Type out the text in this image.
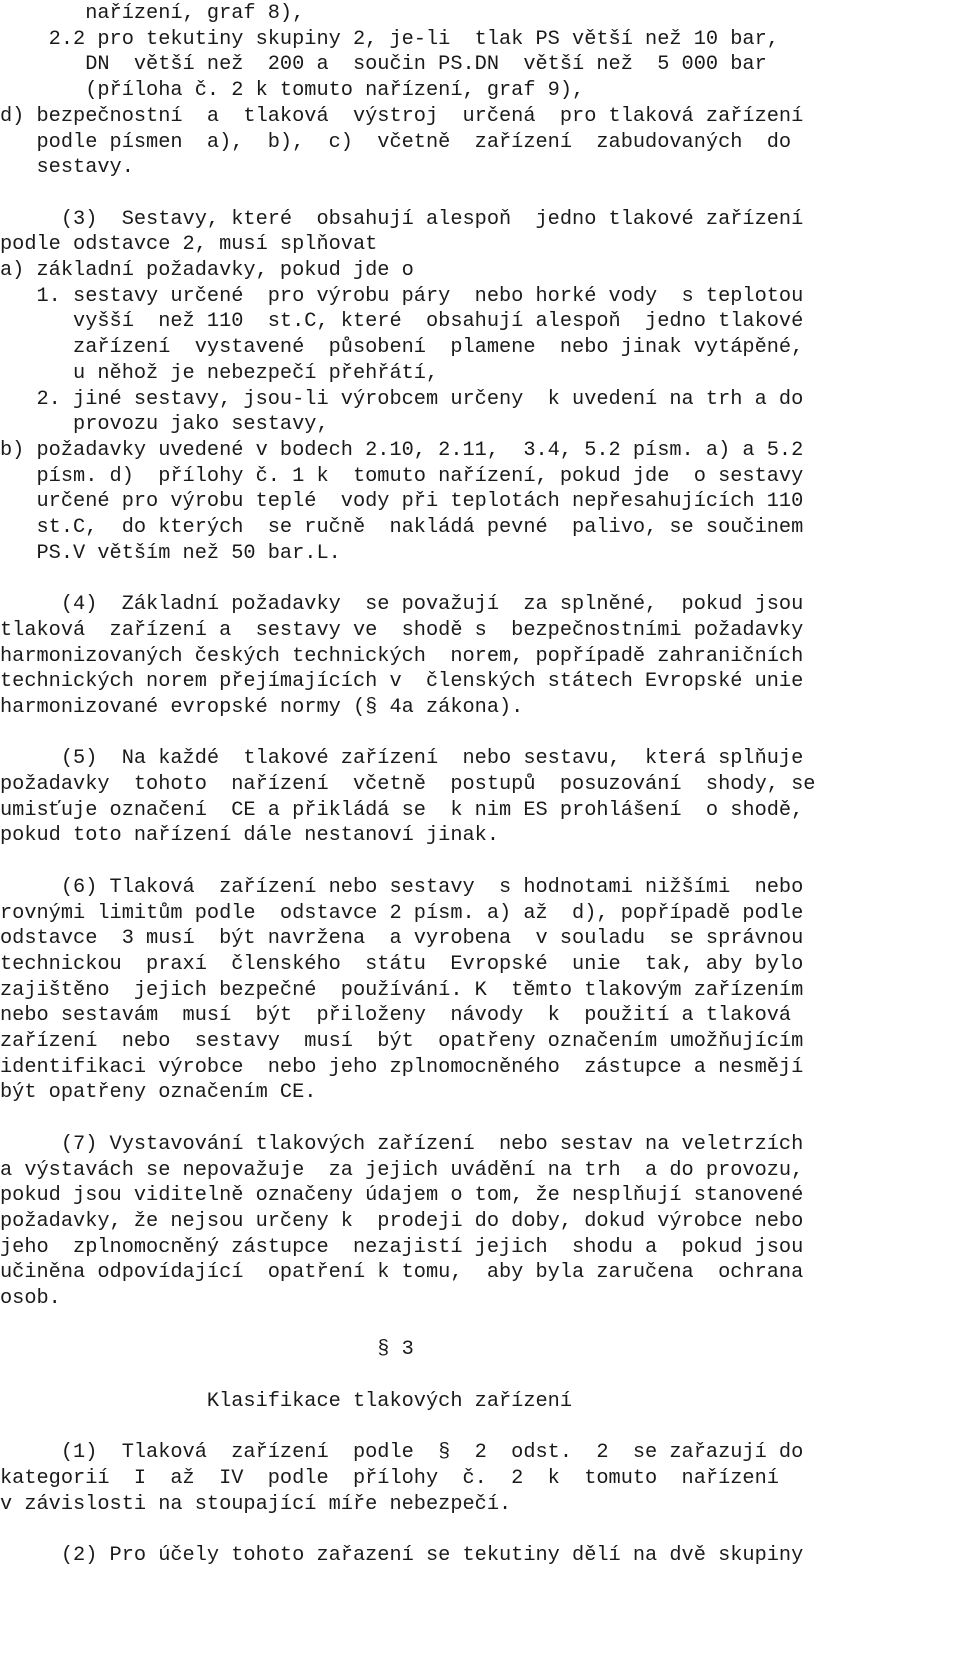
nařízení, graf 8),
2.2 pro tekutiny skupiny 2, je-li  tlak PS větší než 10 bar,
DN  větší než  200 a  součin PS.DN  větší než  5 000 bar
(příloha č. 2 k tomuto nařízení, graf 9),
d) bezpečnostní  a  tlaková  výstroj  určená  pro tlaková zařízení
podle písmen  a),  b),  c)  včetně  zařízení  zabudovaných  do
sestavy.
(3)  Sestavy, které  obsahují alespoň  jedno tlakové zařízení
podle odstavce 2, musí splňovat
a) základní požadavky, pokud jde o
1. sestavy určené  pro výrobu páry  nebo horké vody  s teplotou
vyšší  než 110  st.C, které  obsahují alespoň  jedno tlakové
zařízení  vystavené  působení  plamene  nebo jinak vytápěné,
u něhož je nebezpečí přehřátí,
2. jiné sestavy, jsou-li výrobcem určeny  k uvedení na trh a do
provozu jako sestavy,
b) požadavky uvedené v bodech 2.10, 2.11,  3.4, 5.2 písm. a) a 5.2
písm. d)  přílohy č. 1 k  tomuto nařízení, pokud jde  o sestavy
určené pro výrobu teplé  vody při teplotách nepřesahujících 110
st.C,  do kterých  se ručně  nakládá pevné  palivo, se součinem
PS.V větším než 50 bar.L.
(4)  Základní požadavky  se považují  za splněné,  pokud jsou
tlaková  zařízení a  sestavy ve  shodě s  bezpečnostními požadavky
harmonizovaných českých technických  norem, popřípadě zahraničních
technických norem přejímajících v  členských státech Evropské unie
harmonizované evropské normy (§ 4a zákona).
(5)  Na každé  tlakové zařízení  nebo sestavu,  která splňuje
požadavky  tohoto  nařízení  včetně  postupů  posuzování  shody, se
umisťuje označení  CE a přikládá se  k nim ES prohlášení  o shodě,
pokud toto nařízení dále nestanoví jinak.
(6) Tlaková  zařízení nebo sestavy  s hodnotami nižšími  nebo
rovnými limitům podle  odstavce 2 písm. a) až  d), popřípadě podle
odstavce  3 musí  být navržena  a vyrobena  v souladu  se správnou
technickou  praxí  členského  státu  Evropské  unie  tak, aby bylo
zajištěno  jejich bezpečné  používání. K  těmto tlakovým zařízením
nebo sestavám  musí  být  přiloženy  návody  k  použití a tlaková
zařízení  nebo  sestavy  musí  být  opatřeny označením umožňujícím
identifikaci výrobce  nebo jeho zplnomocněného  zástupce a nesmějí
být opatřeny označením CE.
(7) Vystavování tlakových zařízení  nebo sestav na veletrzích
a výstavách se nepovažuje  za jejich uvádění na trh  a do provozu,
pokud jsou viditelně označeny údajem o tom, že nesplňují stanovené
požadavky, že nejsou určeny k  prodeji do doby, dokud výrobce nebo
jeho  zplnomocněný zástupce  nezajistí jejich  shodu a  pokud jsou
učiněna odpovídající  opatření k tomu,  aby byla zaručena  ochrana
osob.
§ 3
Klasifikace tlakových zařízení
(1)  Tlaková  zařízení  podle  §  2  odst.  2  se zařazují do
kategorií  I  až  IV  podle  přílohy  č.  2  k  tomuto  nařízení
v závislosti na stoupající míře nebezpečí.
(2) Pro účely tohoto zařazení se tekutiny dělí na dvě skupiny
